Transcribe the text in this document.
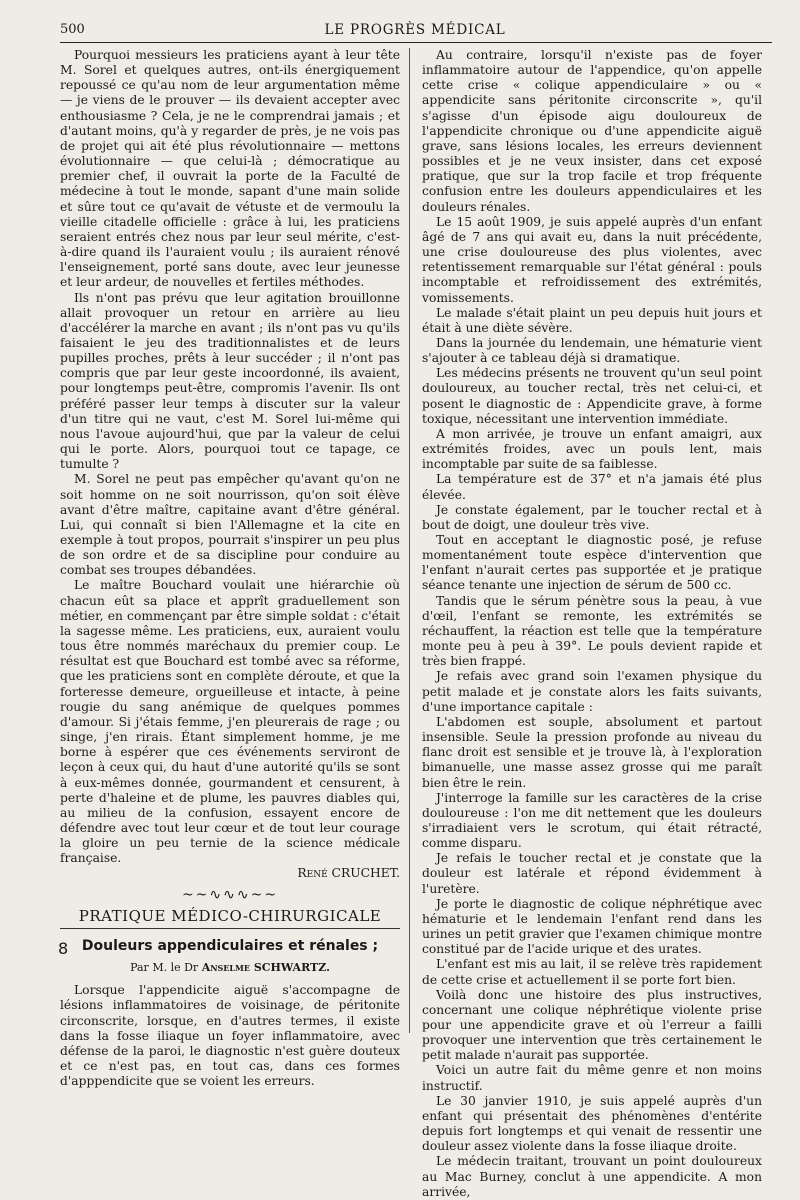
500	LE PROGRÈS MÉDICAL

Pourquoi messieurs les praticiens ayant à leur tête M. Sorel et quelques autres, ont-ils énergiquement repoussé ce qu'au nom de leur argumentation même — je viens de le prouver — ils devaient accepter avec enthousiasme ? Cela, je ne le comprendrai jamais ; et d'autant moins, qu'à y regarder de près, je ne vois pas de projet qui ait été plus révolutionnaire — mettons évolutionnaire — que celui-là ; démocratique au premier chef, il ouvrait la porte de la Faculté de médecine à tout le monde, sapant d'une main solide et sûre tout ce qu'avait de vétuste et de vermoulu la vieille citadelle officielle : grâce à lui, les praticiens seraient entrés chez nous par leur seul mérite, c'est-à-dire quand ils l'auraient voulu ; ils auraient rénové l'enseignement, porté sans doute, avec leur jeunesse et leur ardeur, de nouvelles et fertiles méthodes.

Ils n'ont pas prévu que leur agitation brouillonne allait provoquer un retour en arrière au lieu d'accélérer la marche en avant ; ils n'ont pas vu qu'ils faisaient le jeu des traditionnalistes et de leurs pupilles proches, prêts à leur succéder ; il n'ont pas compris que par leur geste incoordonné, ils avaient, pour longtemps peut-être, compromis l'avenir. Ils ont préféré passer leur temps à discuter sur la valeur d'un titre qui ne vaut, c'est M. Sorel lui-même qui nous l'avoue aujourd'hui, que par la valeur de celui qui le porte. Alors, pourquoi tout ce tapage, ce tumulte ?

M. Sorel ne peut pas empêcher qu'avant qu'on ne soit homme on ne soit nourrisson, qu'on soit élève avant d'être maître, capitaine avant d'être général. Lui, qui connaît si bien l'Allemagne et la cite en exemple à tout propos, pourrait s'inspirer un peu plus de son ordre et de sa discipline pour conduire au combat ses troupes débandées.

Le maître Bouchard voulait une hiérarchie où chacun eût sa place et apprît graduellement son métier, en commençant par être simple soldat : c'était la sagesse même. Les praticiens, eux, auraient voulu tous être nommés maréchaux du premier coup. Le résultat est que Bouchard est tombé avec sa réforme, que les praticiens sont en complète déroute, et que la forteresse demeure, orgueilleuse et intacte, à peine rougie du sang anémique de quelques pommes d'amour. Si j'étais femme, j'en pleurerais de rage ; ou singe, j'en rirais. Étant simplement homme, je me borne à espérer que ces événements serviront de leçon à ceux qui, du haut d'une autorité qu'ils se sont à eux-mêmes donnée, gourmandent et censurent, à perte d'haleine et de plume, les pauvres diables qui, au milieu de la confusion, essayent encore de défendre avec tout leur cœur et de tout leur courage la gloire un peu ternie de la science médicale française.

René CRUCHET.

~~∿∿∿~~
PRATIQUE MÉDICO-CHIRURGICALE
8 Douleurs appendiculaires et rénales ;
Par M. le Dr Anselme SCHWARTZ.

Lorsque l'appendicite aiguë s'accompagne de lésions inflammatoires de voisinage, de péritonite circonscrite, lorsque, en d'autres termes, il existe dans la fosse iliaque un foyer inflammatoire, avec défense de la paroi, le diagnostic n'est guère douteux et ce n'est pas, en tout cas, dans ces formes d'apppendicite que se voient les erreurs.

Au contraire, lorsqu'il n'existe pas de foyer inflammatoire autour de l'appendice, qu'on appelle cette crise « colique appendiculaire » ou « appendicite sans péritonite circonscrite », qu'il s'agisse d'un épisode aigu douloureux de l'appendicite chronique ou d'une appendicite aiguë grave, sans lésions locales, les erreurs deviennent possibles et je ne veux insister, dans cet exposé pratique, que sur la trop facile et trop fréquente confusion entre les douleurs appendiculaires et les douleurs rénales.

Le 15 août 1909, je suis appelé auprès d'un enfant âgé de 7 ans qui avait eu, dans la nuit précédente, une crise douloureuse des plus violentes, avec retentissement remarquable sur l'état général : pouls incomptable et refroidissement des extrémités, vomissements.

Le malade s'était plaint un peu depuis huit jours et était à une diète sévère.

Dans la journée du lendemain, une hématurie vient s'ajouter à ce tableau déjà si dramatique.

Les médecins présents ne trouvent qu'un seul point douloureux, au toucher rectal, très net celui-ci, et posent le diagnostic de : Appendicite grave, à forme toxique, nécessitant une intervention immédiate.

A mon arrivée, je trouve un enfant amaigri, aux extrémités froides, avec un pouls lent, mais incomptable par suite de sa faiblesse.

La température est de 37° et n'a jamais été plus élevée.

Je constate également, par le toucher rectal et à bout de doigt, une douleur très vive.

Tout en acceptant le diagnostic posé, je refuse momentanément toute espèce d'intervention que l'enfant n'aurait certes pas supportée et je pratique séance tenante une injection de sérum de 500 cc.

Tandis que le sérum pénètre sous la peau, à vue d'œil, l'enfant se remonte, les extrémités se réchauffent, la réaction est telle que la température monte peu à peu à 39°. Le pouls devient rapide et très bien frappé.

Je refais avec grand soin l'examen physique du petit malade et je constate alors les faits suivants, d'une importance capitale :

L'abdomen est souple, absolument et partout insensible. Seule la pression profonde au niveau du flanc droit est sensible et je trouve là, à l'exploration bimanuelle, une masse assez grosse qui me paraît bien être le rein.

J'interroge la famille sur les caractères de la crise douloureuse : l'on me dit nettement que les douleurs s'irradiaient vers le scrotum, qui était rétracté, comme disparu.

Je refais le toucher rectal et je constate que la douleur est latérale et répond évidemment à l'uretère.

Je porte le diagnostic de colique néphrétique avec hématurie et le lendemain l'enfant rend dans les urines un petit gravier que l'examen chimique montre constitué par de l'acide urique et des urates.

L'enfant est mis au lait, il se relève très rapidement de cette crise et actuellement il se porte fort bien.

Voilà donc une histoire des plus instructives, concernant une colique néphrétique violente prise pour une appendicite grave et où l'erreur a failli provoquer une intervention que très certainement le petit malade n'aurait pas supportée.

Voici un autre fait du même genre et non moins instructif.

Le 30 janvier 1910, je suis appelé auprès d'un enfant qui présentait des phénomènes d'entérite depuis fort longtemps et qui venait de ressentir une douleur assez violente dans la fosse iliaque droite.

Le médecin traitant, trouvant un point douloureux au Mac Burney, conclut à une appendicite. A mon arrivée,
